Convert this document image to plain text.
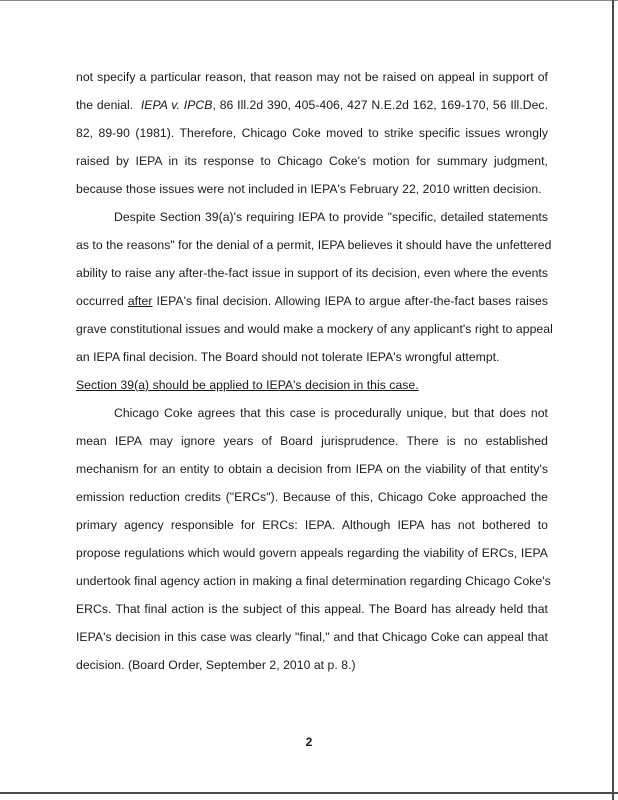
not specify a particular reason, that reason may not be raised on appeal in support of
the denial. IEPA v. IPCB, 86 Ill.2d 390, 405-406, 427 N.E.2d 162, 169-170, 56 Ill.Dec.
82, 89-90 (1981). Therefore, Chicago Coke moved to strike specific issues wrongly
raised by IEPA in its response to Chicago Coke's motion for summary judgment,
because those issues were not included in IEPA's February 22, 2010 written decision.
Despite Section 39(a)'s requiring IEPA to provide "specific, detailed statements
as to the reasons" for the denial of a permit, IEPA believes it should have the unfettered
ability to raise any after-the-fact issue in support of its decision, even where the events
occurred after IEPA's final decision. Allowing IEPA to argue after-the-fact bases raises
grave constitutional issues and would make a mockery of any applicant's right to appeal
an IEPA final decision. The Board should not tolerate IEPA's wrongful attempt.
Section 39(a) should be applied to IEPA's decision in this case.
Chicago Coke agrees that this case is procedurally unique, but that does not
mean IEPA may ignore years of Board jurisprudence. There is no established
mechanism for an entity to obtain a decision from IEPA on the viability of that entity's
emission reduction credits ("ERCs"). Because of this, Chicago Coke approached the
primary agency responsible for ERCs: IEPA. Although IEPA has not bothered to
propose regulations which would govern appeals regarding the viability of ERCs, IEPA
undertook final agency action in making a final determination regarding Chicago Coke's
ERCs. That final action is the subject of this appeal. The Board has already held that
IEPA's decision in this case was clearly "final," and that Chicago Coke can appeal that
decision. (Board Order, September 2, 2010 at p. 8.)
2
